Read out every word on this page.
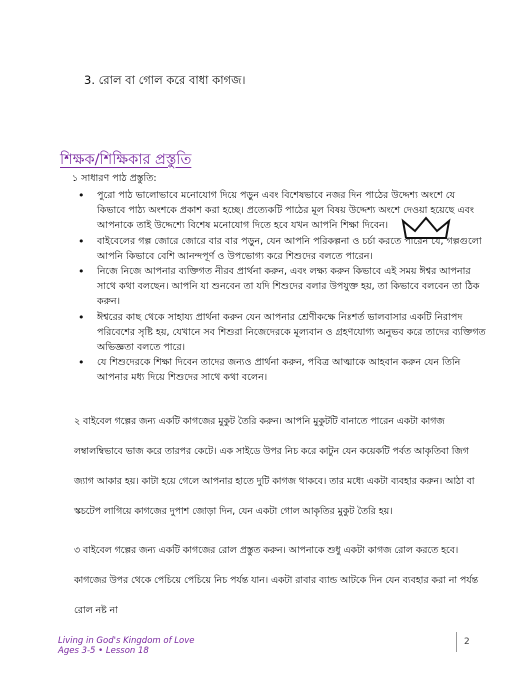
3. রোল বা গোল করে বাধা কাগজ।
শিক্ষক/শিক্ষিকার প্রস্তুতি
১ সাধারণ পাঠ প্রস্তুতি:
• পুরো পাঠ ভালোভাবে মনোযোগ দিয়ে পড়ুন এবং বিশেষভাবে নজর দিন পাঠের উদ্দেশ্য অংশে যে কিভাবে পাঠ্য অংশকে প্রকাশ করা হচ্ছে। প্রত্যেকটি পাঠের মূল বিষয় উদ্দেশ্য অংশে দেওয়া হয়েছে এবং আপনাকে তাই উদ্দেশ্যে বিশেষ মনোযোগ দিতে হবে যখন আপনি শিক্ষা দিবেন।
• বাইবেলের গল্প জোরে জোরে বার বার পড়ুন, যেন আপনি পরিকল্পনা ও চর্চা করতে পারেন যে, গল্পগুলো আপনি কিভাবে বেশি আনন্দপূর্ণ ও উপভোগ্য করে শিশুদের বলতে পারেন।
• নিজে নিজে আপনার ব্যক্তিগত নীরব প্রার্থনা করুন, এবং লক্ষ্য করুন কিভাবে এই সময় ঈশ্বর আপনার সাথে কথা বলছেন। আপনি যা শুনবেন তা যদি শিশুদের বলার উপযুক্ত হয়, তা কিভাবে বলবেন তা ঠিক করুন।
• ঈশ্বরের কাছ থেকে সাহায্য প্রার্থনা করুন যেন আপনার শ্রেণীকক্ষে নিঃশর্ত ভালবাসার একটি নিরাপদ পরিবেশের সৃষ্টি হয়, যেখানে সব শিশুরা নিজেদেরকে মূল্যবান ও গ্রহণযোগ্য অনুভব করে তাদের ব্যক্তিগত অভিজ্ঞতা বলতে পারে।
• যে শিশুদেরকে শিক্ষা দিবেন তাদের জন্যও প্রার্থনা করুন, পবিত্র আত্মাকে আহবান করুন যেন তিনি আপনার মধ্য দিয়ে শিশুদের সাথে কথা বলেন।

২ বাইবেল গল্পের জন্য একটি কাগজের মুকুট তৈরি করুন। আপনি মুকুটটি বানাতে পারেন একটা কাগজ লম্বালম্বিভাবে ভাজ করে তারপর কেটে। এক সাইডে উপর নিচ করে কাটুন যেন কয়েকটি পর্বত আকৃতিবা জিগ জ্যাগ আকার হয়। কাটা হয়ে গেলে আপনার হাতে দুটি কাগজ থাকবে। তার মধ্যে একটা ব্যবহার করুন। আঠা বা স্কচটেপ লাগিয়ে কাগজের দুপাশ জোড়া দিন, যেন একটা গোল আকৃতির মুকুট তৈরি হয়।

৩ বাইবেল গল্পের জন্য একটি কাগজের রোল প্রস্তুত করুন। আপনাকে শুধু একটা কাগজ রোল করতে হবে। কাগজের উপর থেকে পেচিয়ে পেচিয়ে নিচ পর্যন্ত যান। একটা রাবার ব্যান্ড আটকে দিন যেন ব্যবহার করা না পর্যন্ত রোল নষ্ট না

Living in God's Kingdom of Love
Ages 3-5 • Lesson 18
2
